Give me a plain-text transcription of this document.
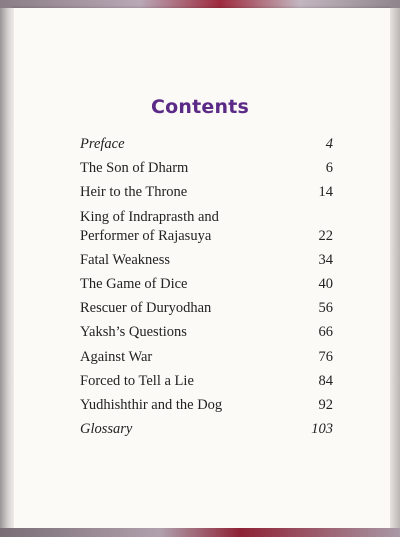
Contents
Preface	4
The Son of Dharm	6
Heir to the Throne	14
King of Indraprasth and
Performer of Rajasuya	22
Fatal Weakness	34
The Game of Dice	40
Rescuer of Duryodhan	56
Yaksh’s Questions	66
Against War	76
Forced to Tell a Lie	84
Yudhishthir and the Dog	92
Glossary	103
